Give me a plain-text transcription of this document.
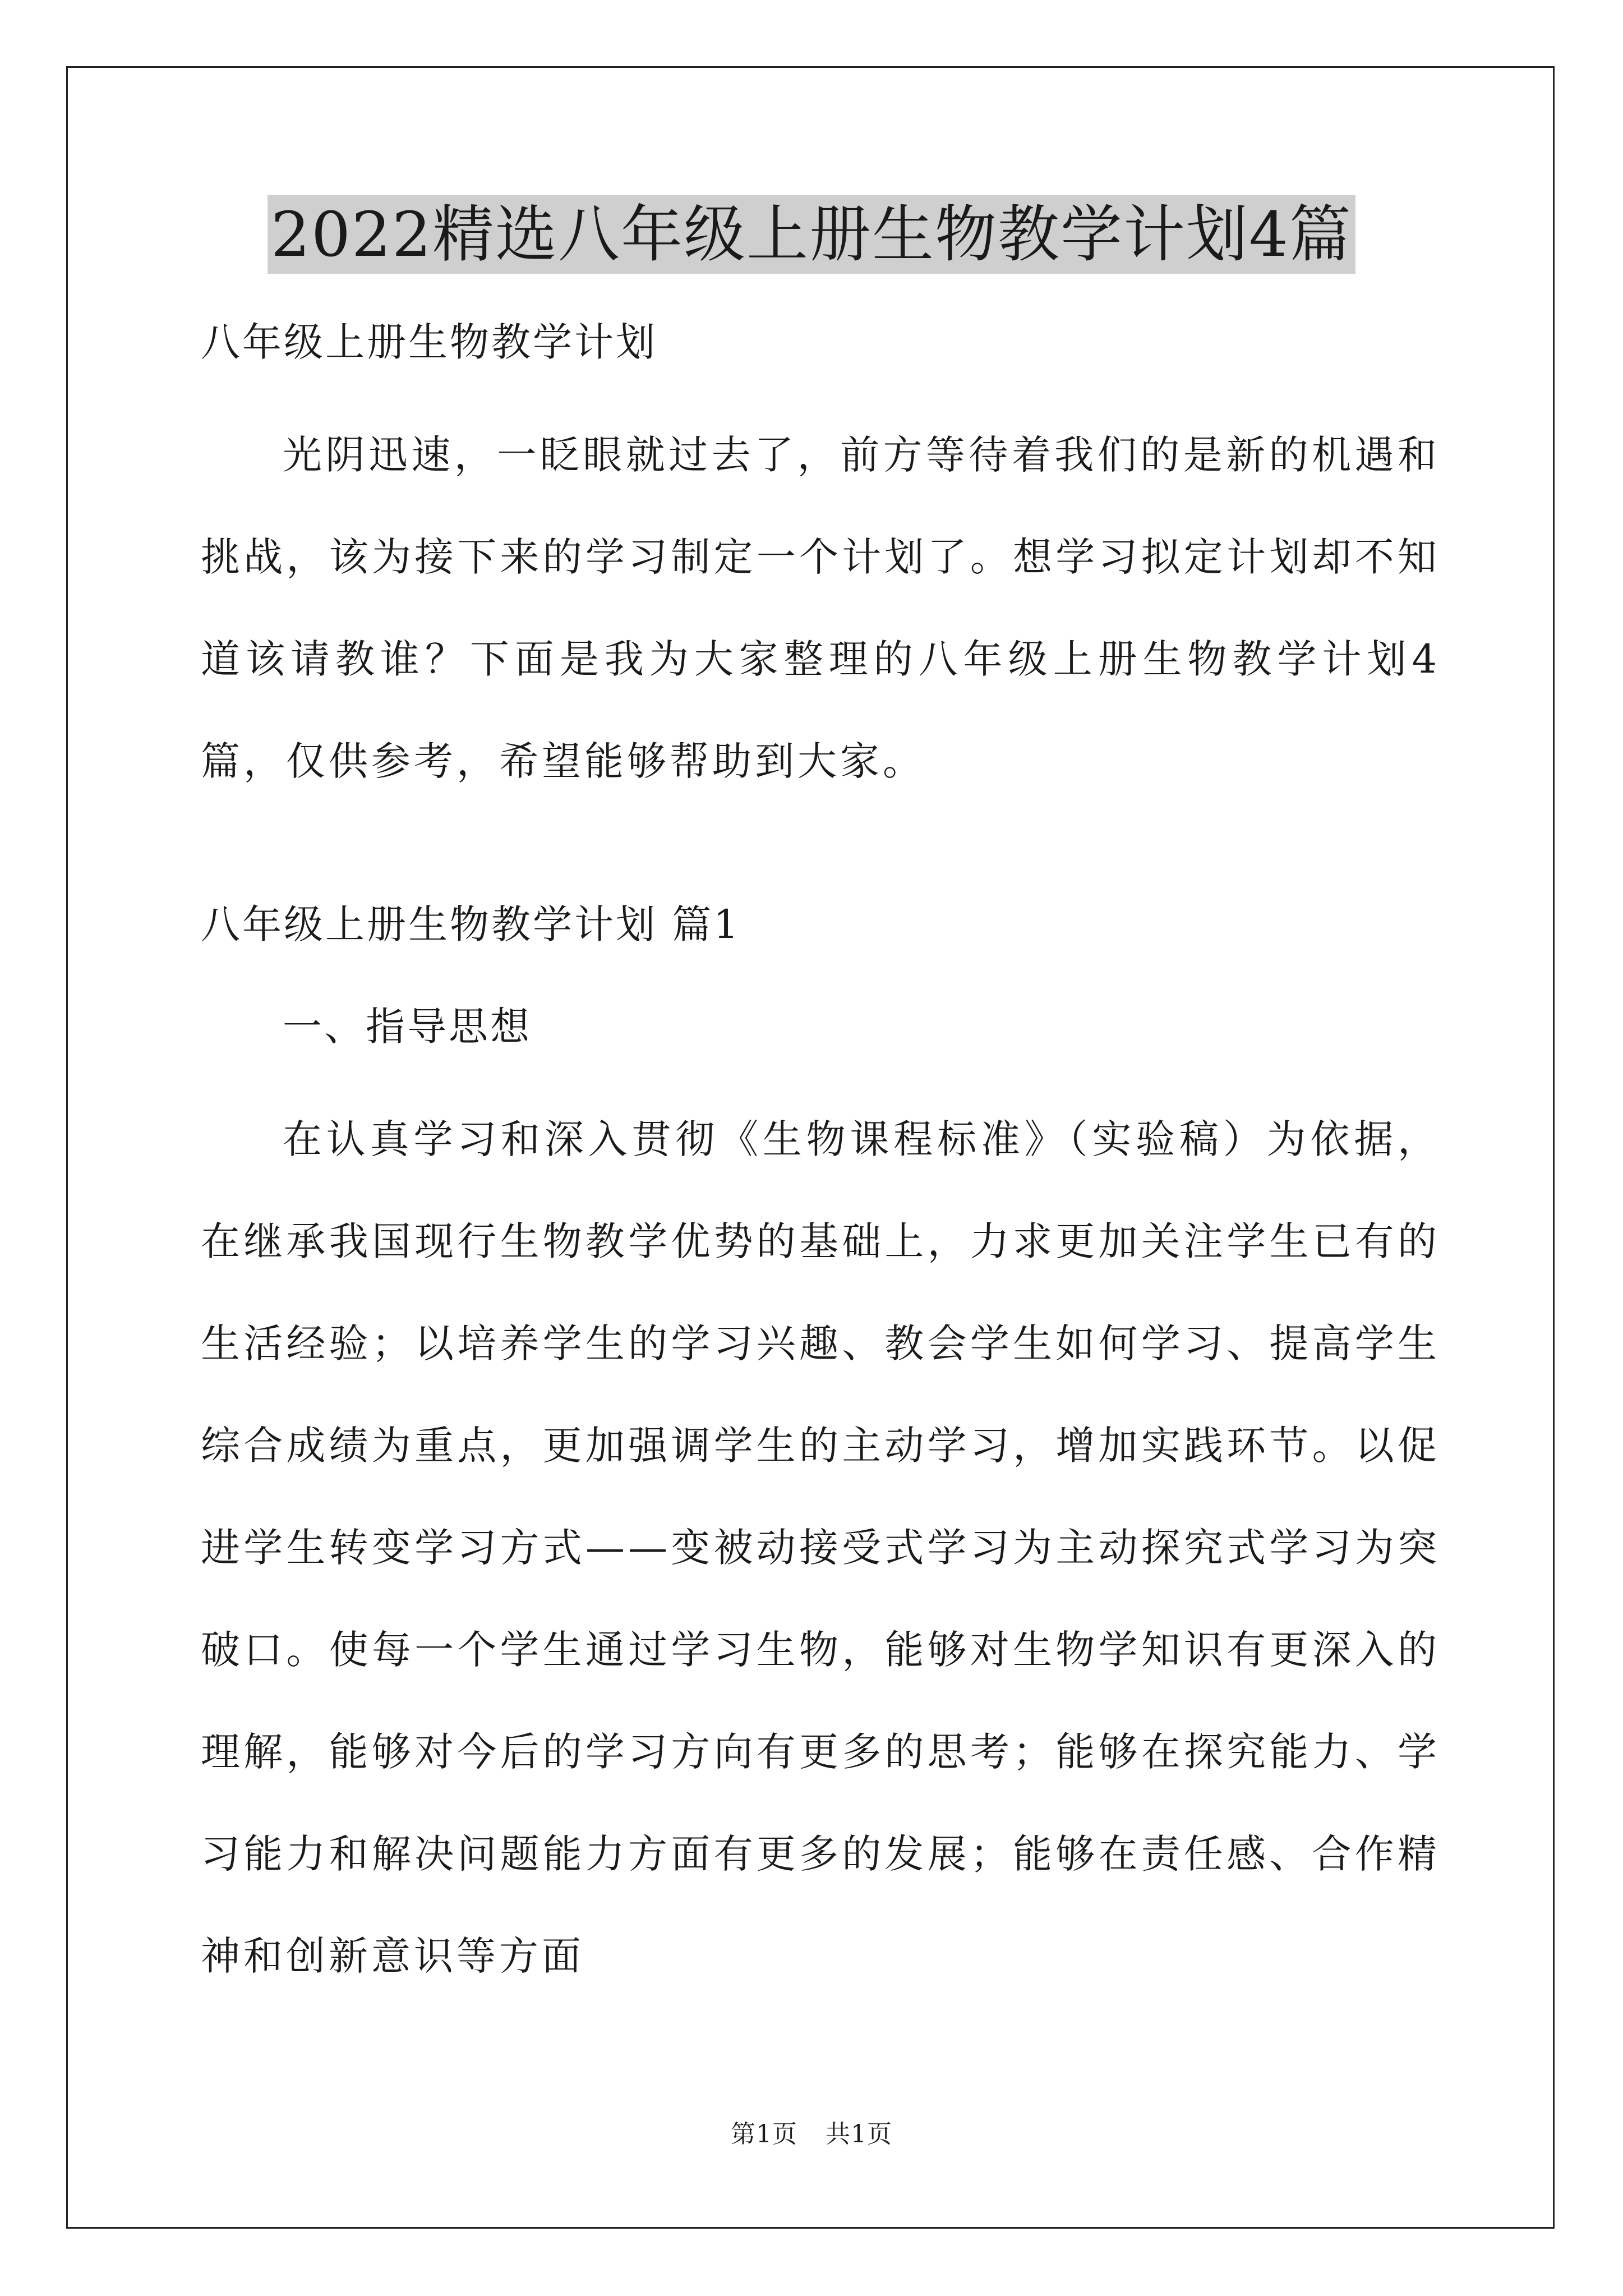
2022精选八年级上册生物教学计划4篇
八年级上册生物教学计划

光阴迅速，一眨眼就过去了，前方等待着我们的是新的机遇和挑战，该为接下来的学习制定一个计划了。想学习拟定计划却不知道该请教谁？下面是我为大家整理的八年级上册生物教学计划4篇，仅供参考，希望能够帮助到大家。

八年级上册生物教学计划 篇1
一、指导思想

在认真学习和深入贯彻《生物课程标准》（实验稿）为依据，在继承我国现行生物教学优势的基础上，力求更加关注学生已有的生活经验；以培养学生的学习兴趣、教会学生如何学习、提高学生综合成绩为重点，更加强调学生的主动学习，增加实践环节。以促进学生转变学习方式——变被动接受式学习为主动探究式学习为突破口。使每一个学生通过学习生物，能够对生物学知识有更深入的理解，能够对今后的学习方向有更多的思考；能够在探究能力、学习能力和解决问题能力方面有更多的发展；能够在责任感、合作精神和创新意识等方面

第1页 共1页
